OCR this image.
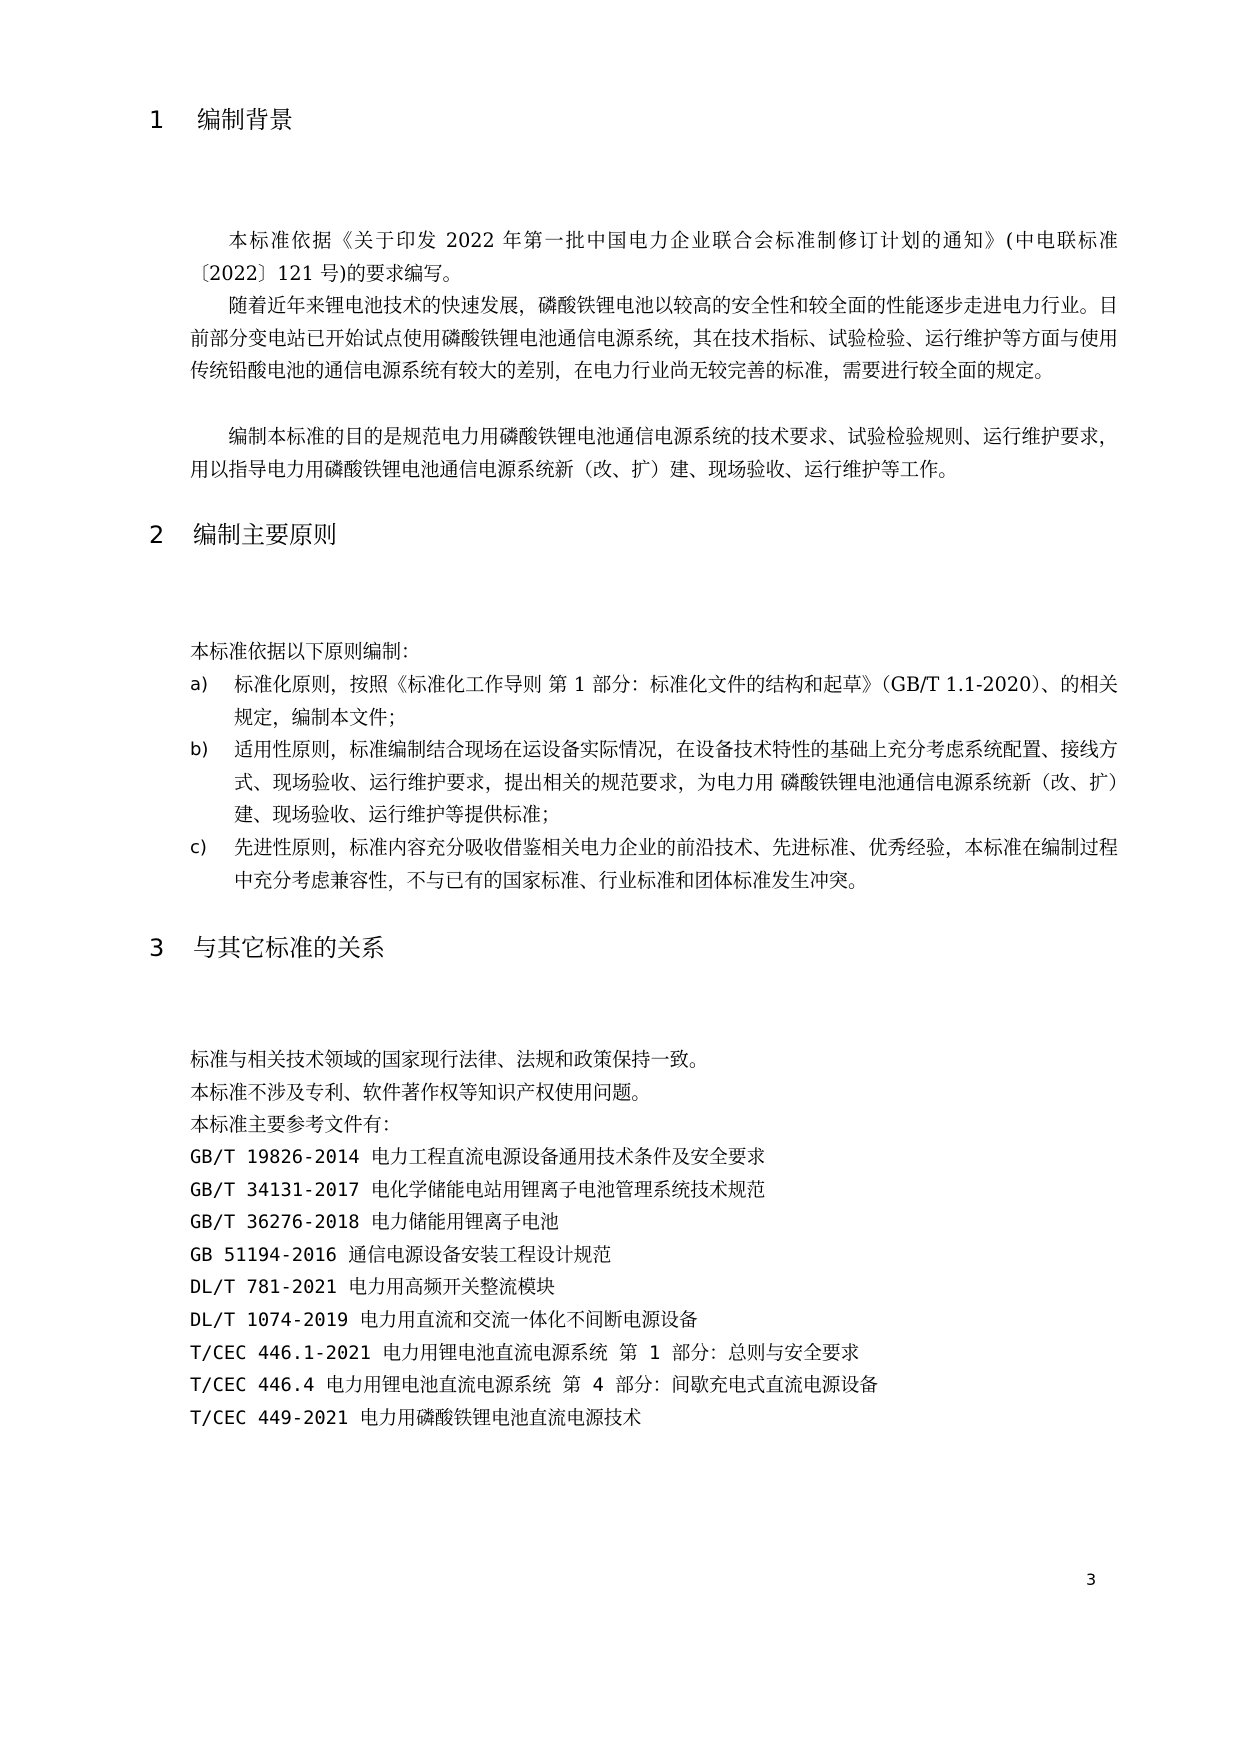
1 编制背景

本标准依据《关于印发 2022 年第一批中国电力企业联合会标准制修订计划的通知》(中电联标准〔2022〕121 号)的要求编写。

随着近年来锂电池技术的快速发展，磷酸铁锂电池以较高的安全性和较全面的性能逐步走进电力行业。目前部分变电站已开始试点使用磷酸铁锂电池通信电源系统，其在技术指标、试验检验、运行维护等方面与使用传统铅酸电池的通信电源系统有较大的差别，在电力行业尚无较完善的标准，需要进行较全面的规定。

编制本标准的目的是规范电力用磷酸铁锂电池通信电源系统的技术要求、试验检验规则、运行维护要求，用以指导电力用磷酸铁锂电池通信电源系统新（改、扩）建、现场验收、运行维护等工作。

2 编制主要原则
本标准依据以下原则编制：
a)	标准化原则，按照《标准化工作导则 第 1 部分：标准化文件的结构和起草》（GB/T 1.1-2020）、的相关规定，编制本文件；
b)	适用性原则，标准编制结合现场在运设备实际情况，在设备技术特性的基础上充分考虑系统配置、接线方式、现场验收、运行维护要求，提出相关的规范要求，为电力用 磷酸铁锂电池通信电源系统新（改、扩）建、现场验收、运行维护等提供标准；
c)	先进性原则，标准内容充分吸收借鉴相关电力企业的前沿技术、先进标准、优秀经验，本标准在编制过程中充分考虑兼容性，不与已有的国家标准、行业标准和团体标准发生冲突。
3 与其它标准的关系
标准与相关技术领域的国家现行法律、法规和政策保持一致。
本标准不涉及专利、软件著作权等知识产权使用问题。
本标准主要参考文件有：
GB/T 19826-2014 电力工程直流电源设备通用技术条件及安全要求
GB/T 34131-2017 电化学储能电站用锂离子电池管理系统技术规范
GB/T 36276-2018 电力储能用锂离子电池
GB 51194-2016 通信电源设备安装工程设计规范
DL/T 781-2021 电力用高频开关整流模块
DL/T 1074-2019 电力用直流和交流一体化不间断电源设备
T/CEC 446.1-2021 电力用锂电池直流电源系统 第 1 部分：总则与安全要求
T/CEC 446.4 电力用锂电池直流电源系统 第 4 部分：间歇充电式直流电源设备
T/CEC 449-2021 电力用磷酸铁锂电池直流电源技术
3
